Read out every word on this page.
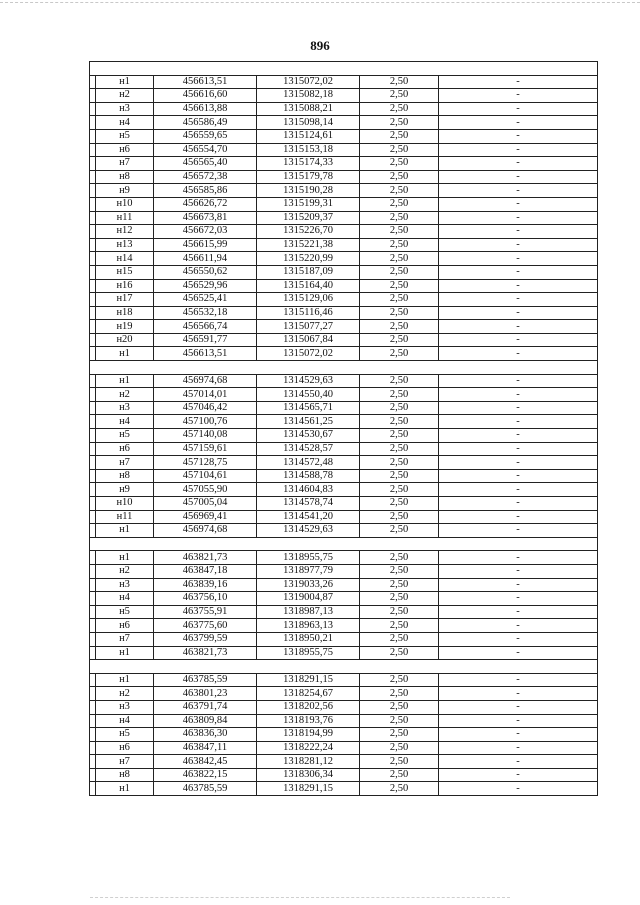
896

	н1	456613,51	1315072,02	2,50	-
	н2	456616,60	1315082,18	2,50	-
	н3	456613,88	1315088,21	2,50	-
	н4	456586,49	1315098,14	2,50	-
	н5	456559,65	1315124,61	2,50	-
	н6	456554,70	1315153,18	2,50	-
	н7	456565,40	1315174,33	2,50	-
	н8	456572,38	1315179,78	2,50	-
	н9	456585,86	1315190,28	2,50	-
	н10	456626,72	1315199,31	2,50	-
	н11	456673,81	1315209,37	2,50	-
	н12	456672,03	1315226,70	2,50	-
	н13	456615,99	1315221,38	2,50	-
	н14	456611,94	1315220,99	2,50	-
	н15	456550,62	1315187,09	2,50	-
	н16	456529,96	1315164,40	2,50	-
	н17	456525,41	1315129,06	2,50	-
	н18	456532,18	1315116,46	2,50	-
	н19	456566,74	1315077,27	2,50	-
	н20	456591,77	1315067,84	2,50	-
	н1	456613,51	1315072,02	2,50	-

	н1	456974,68	1314529,63	2,50	-
	н2	457014,01	1314550,40	2,50	-
	н3	457046,42	1314565,71	2,50	-
	н4	457100,76	1314561,25	2,50	-
	н5	457140,08	1314530,67	2,50	-
	н6	457159,61	1314528,57	2,50	-
	н7	457128,75	1314572,48	2,50	-
	н8	457104,61	1314588,78	2,50	-
	н9	457055,90	1314604,83	2,50	-
	н10	457005,04	1314578,74	2,50	-
	н11	456969,41	1314541,20	2,50	-
	н1	456974,68	1314529,63	2,50	-

	н1	463821,73	1318955,75	2,50	-
	н2	463847,18	1318977,79	2,50	-
	н3	463839,16	1319033,26	2,50	-
	н4	463756,10	1319004,87	2,50	-
	н5	463755,91	1318987,13	2,50	-
	н6	463775,60	1318963,13	2,50	-
	н7	463799,59	1318950,21	2,50	-
	н1	463821,73	1318955,75	2,50	-

	н1	463785,59	1318291,15	2,50	-
	н2	463801,23	1318254,67	2,50	-
	н3	463791,74	1318202,56	2,50	-
	н4	463809,84	1318193,76	2,50	-
	н5	463836,30	1318194,99	2,50	-
	н6	463847,11	1318222,24	2,50	-
	н7	463842,45	1318281,12	2,50	-
	н8	463822,15	1318306,34	2,50	-
	н1	463785,59	1318291,15	2,50	-
